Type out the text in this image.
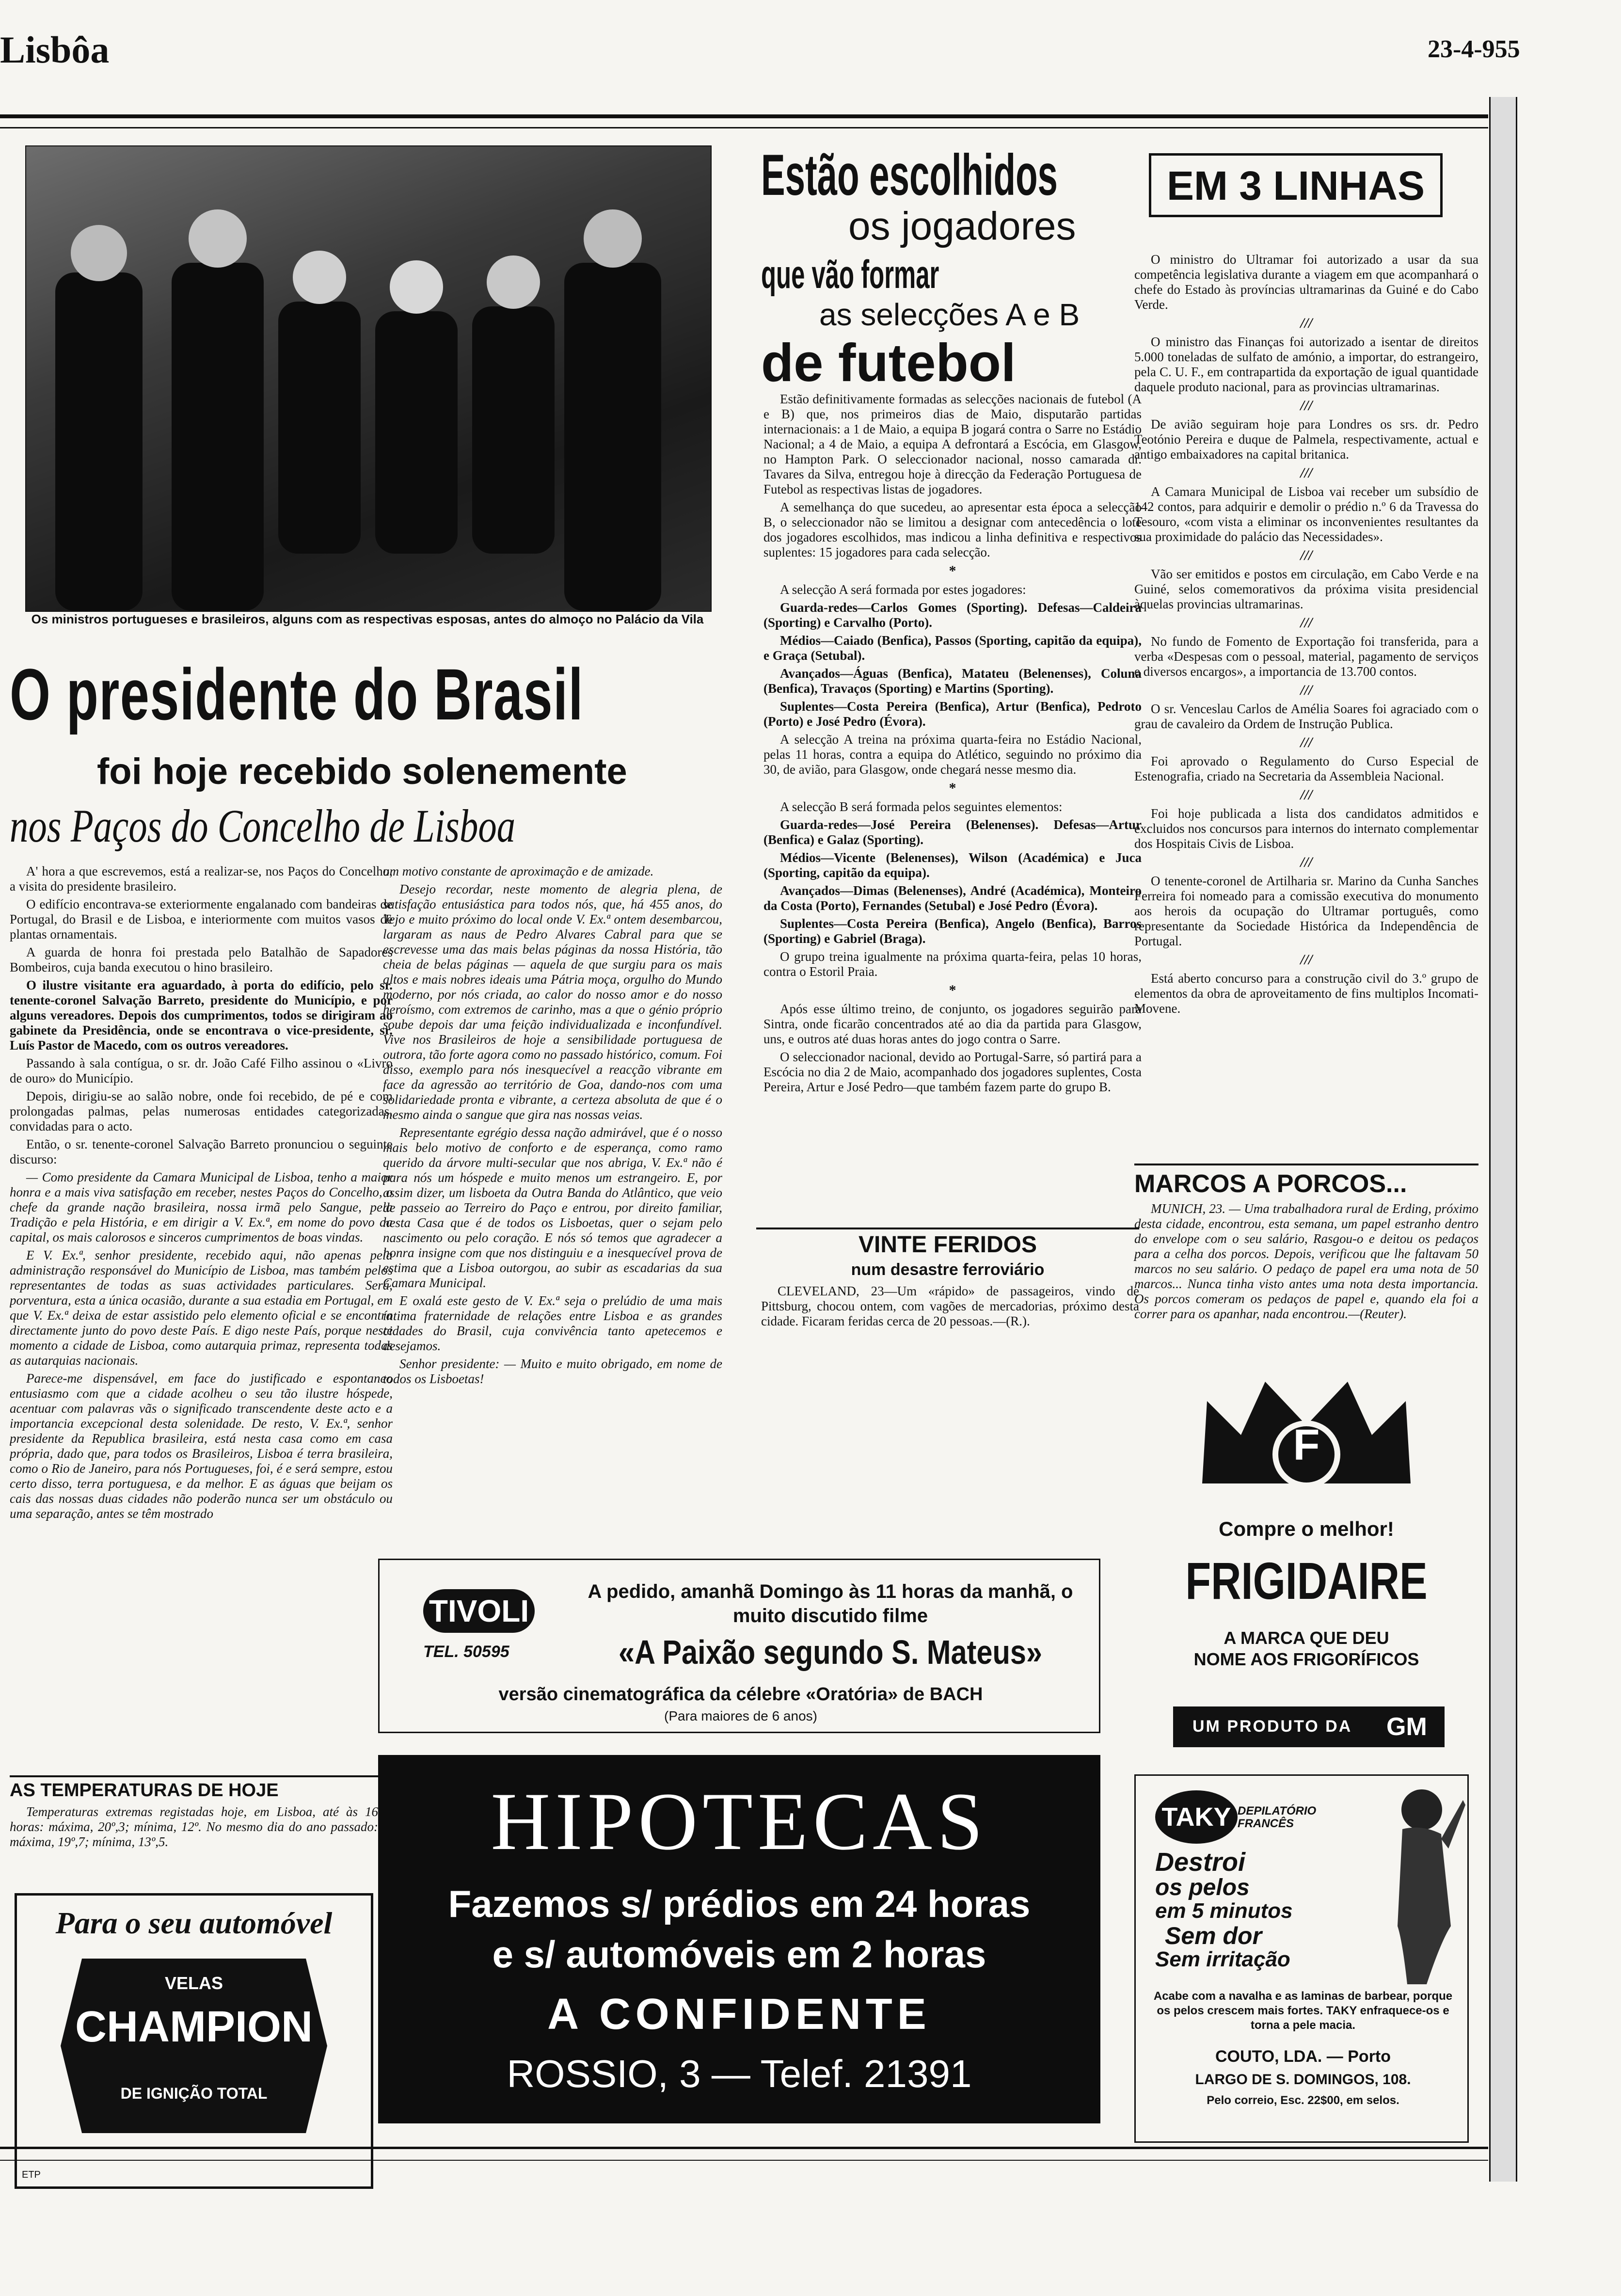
Lisbôa	23-4-955
Os ministros portugueses e brasileiros, alguns com as respectivas esposas, antes do almoço no Palácio da Vila
O presidente do Brasil
foi hoje recebido solenemente
nos Paços do Concelho de Lisboa

A' hora a que escrevemos, está a realizar-se, nos Paços do Concelho, a visita do presidente brasileiro.

O edifício encontrava-se exteriormente engalanado com bandeiras de Portugal, do Brasil e de Lisboa, e interiormente com muitos vasos de plantas ornamentais.

A guarda de honra foi prestada pelo Batalhão de Sapadores Bombeiros, cuja banda executou o hino brasileiro.

O ilustre visitante era aguardado, à porta do edifício, pelo sr. tenente-coronel Salvação Barreto, presidente do Município, e por alguns vereadores. Depois dos cumprimentos, todos se dirigiram ao gabinete da Presidência, onde se encontrava o vice-presidente, sr. Luís Pastor de Macedo, com os outros vereadores.

Passando à sala contígua, o sr. dr. João Café Filho assinou o «Livro de ouro» do Município.

Depois, dirigiu-se ao salão nobre, onde foi recebido, de pé e com prolongadas palmas, pelas numerosas entidades categorizadas, convidadas para o acto.

Então, o sr. tenente-coronel Salvação Barreto pronunciou o seguinte discurso:

— Como presidente da Camara Municipal de Lisboa, tenho a maior honra e a mais viva satisfação em receber, nestes Paços do Concelho, o chefe da grande nação brasileira, nossa irmã pelo Sangue, pela Tradição e pela História, e em dirigir a V. Ex.ª, em nome do povo da capital, os mais calorosos e sinceros cumprimentos de boas vindas.

E V. Ex.ª, senhor presidente, recebido aqui, não apenas pela administração responsável do Município de Lisboa, mas também pelos representantes de todas as suas actividades particulares. Será, porventura, esta a única ocasião, durante a sua estadia em Portugal, em que V. Ex.ª deixa de estar assistido pelo elemento oficial e se encontra directamente junto do povo deste País. E digo neste País, porque neste momento a cidade de Lisboa, como autarquia primaz, representa todas as autarquias nacionais.

Parece-me dispensável, em face do justificado e espontaneo entusiasmo com que a cidade acolheu o seu tão ilustre hóspede, acentuar com palavras vãs o significado transcendente deste acto e a importancia excepcional desta solenidade. De resto, V. Ex.ª, senhor presidente da Republica brasileira, está nesta casa como em casa própria, dado que, para todos os Brasileiros, Lisboa é terra brasileira, como o Rio de Janeiro, para nós Portugueses, foi, é e será sempre, estou certo disso, terra portuguesa, e da melhor. E as águas que beijam os cais das nossas duas cidades não poderão nunca ser um obstáculo ou uma separação, antes se têm mostrado

um motivo constante de aproximação e de amizade.

Desejo recordar, neste momento de alegria plena, de satisfação entusiástica para todos nós, que, há 455 anos, do Tejo e muito próximo do local onde V. Ex.ª ontem desembarcou, largaram as naus de Pedro Alvares Cabral para que se escrevesse uma das mais belas páginas da nossa História, tão cheia de belas páginas — aquela de que surgiu para os mais altos e mais nobres ideais uma Pátria moça, orgulho do Mundo moderno, por nós criada, ao calor do nosso amor e do nosso heroísmo, com extremos de carinho, mas a que o génio próprio soube depois dar uma feição individualizada e inconfundível. Vive nos Brasileiros de hoje a sensibilidade portuguesa de outrora, tão forte agora como no passado histórico, comum. Foi disso, exemplo para nós inesquecível a reacção vibrante em face da agressão ao território de Goa, dando-nos com uma solidariedade pronta e vibrante, a certeza absoluta de que é o mesmo ainda o sangue que gira nas nossas veias.

Representante egrégio dessa nação admirável, que é o nosso mais belo motivo de conforto e de esperança, como ramo querido da árvore multi-secular que nos abriga, V. Ex.ª não é para nós um hóspede e muito menos um estrangeiro. E, por assim dizer, um lisboeta da Outra Banda do Atlântico, que veio de passeio ao Terreiro do Paço e entrou, por direito familiar, nesta Casa que é de todos os Lisboetas, quer o sejam pelo nascimento ou pelo coração. E nós só temos que agradecer a honra insigne com que nos distinguiu e a inesquecível prova de estima que a Lisboa outorgou, ao subir as escadarias da sua Camara Municipal.

E oxalá este gesto de V. Ex.ª seja o prelúdio de uma mais íntima fraternidade de relações entre Lisboa e as grandes cidades do Brasil, cuja convivência tanto apetecemos e desejamos.

Senhor presidente: — Muito e muito obrigado, em nome de todos os Lisboetas!

AS TEMPERATURAS DE HOJE

Temperaturas extremas registadas hoje, em Lisboa, até às 16 horas: máxima, 20º,3; mínima, 12º. No mesmo dia do ano passado: máxima, 19º,7; mínima, 13º,5.

Para o seu automóvel
VELAS
CHAMPION
DE IGNIÇÃO TOTAL
ETP
Estão escolhidos
os jogadores
que vão formar
as selecções A e B
de futebol

Estão definitivamente formadas as selecções nacionais de futebol (A e B) que, nos primeiros dias de Maio, disputarão partidas internacionais: a 1 de Maio, a equipa B jogará contra o Sarre no Estádio Nacional; a 4 de Maio, a equipa A defrontará a Escócia, em Glasgow, no Hampton Park. O seleccionador nacional, nosso camarada dr. Tavares da Silva, entregou hoje à direcção da Federação Portuguesa de Futebol as respectivas listas de jogadores.

A semelhança do que sucedeu, ao apresentar esta época a selecção B, o seleccionador não se limitou a designar com antecedência o lote dos jogadores escolhidos, mas indicou a linha definitiva e respectivos suplentes: 15 jogadores para cada selecção.

*

A selecção A será formada por estes jogadores:

Guarda-redes—Carlos Gomes (Sporting). Defesas—Caldeira (Sporting) e Carvalho (Porto).

Médios—Caiado (Benfica), Passos (Sporting, capitão da equipa), e Graça (Setubal).

Avançados—Águas (Benfica), Matateu (Belenenses), Coluna (Benfica), Travaços (Sporting) e Martins (Sporting).

Suplentes—Costa Pereira (Benfica), Artur (Benfica), Pedroto (Porto) e José Pedro (Évora).

A selecção A treina na próxima quarta-feira no Estádio Nacional, pelas 11 horas, contra a equipa do Atlético, seguindo no próximo dia 30, de avião, para Glasgow, onde chegará nesse mesmo dia.

*

A selecção B será formada pelos seguintes elementos:

Guarda-redes—José Pereira (Belenenses). Defesas—Artur (Benfica) e Galaz (Sporting).

Médios—Vicente (Belenenses), Wilson (Académica) e Juca (Sporting, capitão da equipa).

Avançados—Dimas (Belenenses), André (Académica), Monteiro da Costa (Porto), Fernandes (Setubal) e José Pedro (Évora).

Suplentes—Costa Pereira (Benfica), Angelo (Benfica), Barros (Sporting) e Gabriel (Braga).

O grupo treina igualmente na próxima quarta-feira, pelas 10 horas, contra o Estoril Praia.

*

Após esse último treino, de conjunto, os jogadores seguirão para Sintra, onde ficarão concentrados até ao dia da partida para Glasgow, uns, e outros até duas horas antes do jogo contra o Sarre.

O seleccionador nacional, devido ao Portugal-Sarre, só partirá para a Escócia no dia 2 de Maio, acompanhado dos jogadores suplentes, Costa Pereira, Artur e José Pedro—que também fazem parte do grupo B.

VINTE FERIDOS
num desastre ferroviário

CLEVELAND, 23—Um «rápido» de passageiros, vindo de Pittsburg, chocou ontem, com vagões de mercadorias, próximo desta cidade. Ficaram feridas cerca de 20 pessoas.—(R.).

EM 3 LINHAS

O ministro do Ultramar foi autorizado a usar da sua competência legislativa durante a viagem em que acompanhará o chefe do Estado às províncias ultramarinas da Guiné e do Cabo Verde.

///

O ministro das Finanças foi autorizado a isentar de direitos 5.000 toneladas de sulfato de amónio, a importar, do estrangeiro, pela C. U. F., em contrapartida da exportação de igual quantidade daquele produto nacional, para as provincias ultramarinas.

///

De avião seguiram hoje para Londres os srs. dr. Pedro Teotónio Pereira e duque de Palmela, respectivamente, actual e antigo embaixadores na capital britanica.

///

A Camara Municipal de Lisboa vai receber um subsídio de 142 contos, para adquirir e demolir o prédio n.º 6 da Travessa do Tesouro, «com vista a eliminar os inconvenientes resultantes da sua proximidade do palácio das Necessidades».

///

Vão ser emitidos e postos em circulação, em Cabo Verde e na Guiné, selos comemorativos da próxima visita presidencial àquelas provincias ultramarinas.

///

No fundo de Fomento de Exportação foi transferida, para a verba «Despesas com o pessoal, material, pagamento de serviços e diversos encargos», a importancia de 13.700 contos.

///

O sr. Venceslau Carlos de Amélia Soares foi agraciado com o grau de cavaleiro da Ordem de Instrução Publica.

///

Foi aprovado o Regulamento do Curso Especial de Estenografia, criado na Secretaria da Assembleia Nacional.

///

Foi hoje publicada a lista dos candidatos admitidos e excluidos nos concursos para internos do internato complementar dos Hospitais Civis de Lisboa.

///

O tenente-coronel de Artilharia sr. Marino da Cunha Sanches Ferreira foi nomeado para a comissão executiva do monumento aos herois da ocupação do Ultramar português, como representante da Sociedade Histórica da Independência de Portugal.

///

Está aberto concurso para a construção civil do 3.º grupo de elementos da obra de aproveitamento de fins multiplos Incomati-Movene.

MARCOS A PORCOS...

MUNICH, 23. — Uma trabalhadora rural de Erding, próximo desta cidade, encontrou, esta semana, um papel estranho dentro do envelope com o seu salário, Rasgou-o e deitou os pedaços para a celha dos porcos. Depois, verificou que lhe faltavam 50 marcos no seu salário. O pedaço de papel era uma nota de 50 marcos... Nunca tinha visto antes uma nota desta importancia. Os porcos comeram os pedaços de papel e, quando ela foi a correr para os apanhar, nada encontrou.—(Reuter).

F
Compre o melhor!
FRIGIDAIRE
A MARCA QUE DEU
NOME AOS FRIGORÍFICOS
UM PRODUTO DA GM
TIVOLI
TEL. 50595
A pedido, amanhã Domingo às 11 horas da manhã, o muito discutido filme
«A Paixão segundo S. Mateus»
versão cinematográfica da célebre «Oratória» de BACH
(Para maiores de 6 anos)
HIPOTECAS
Fazemos s/ prédios em 24 horas
e s/ automóveis em 2 horas
A CONFIDENTE
ROSSIO, 3 — Telef. 21391
TAKY DEPILATÓRIO FRANCÊS
Destroi
os pelos
em 5 minutos
Sem dor
Sem irritação
Acabe com a navalha e as laminas de barbear, porque os pelos crescem mais fortes. TAKY enfraquece-os e torna a pele macia.
COUTO, LDA. — Porto
LARGO DE S. DOMINGOS, 108.
Pelo correio, Esc. 22$00, em selos.
